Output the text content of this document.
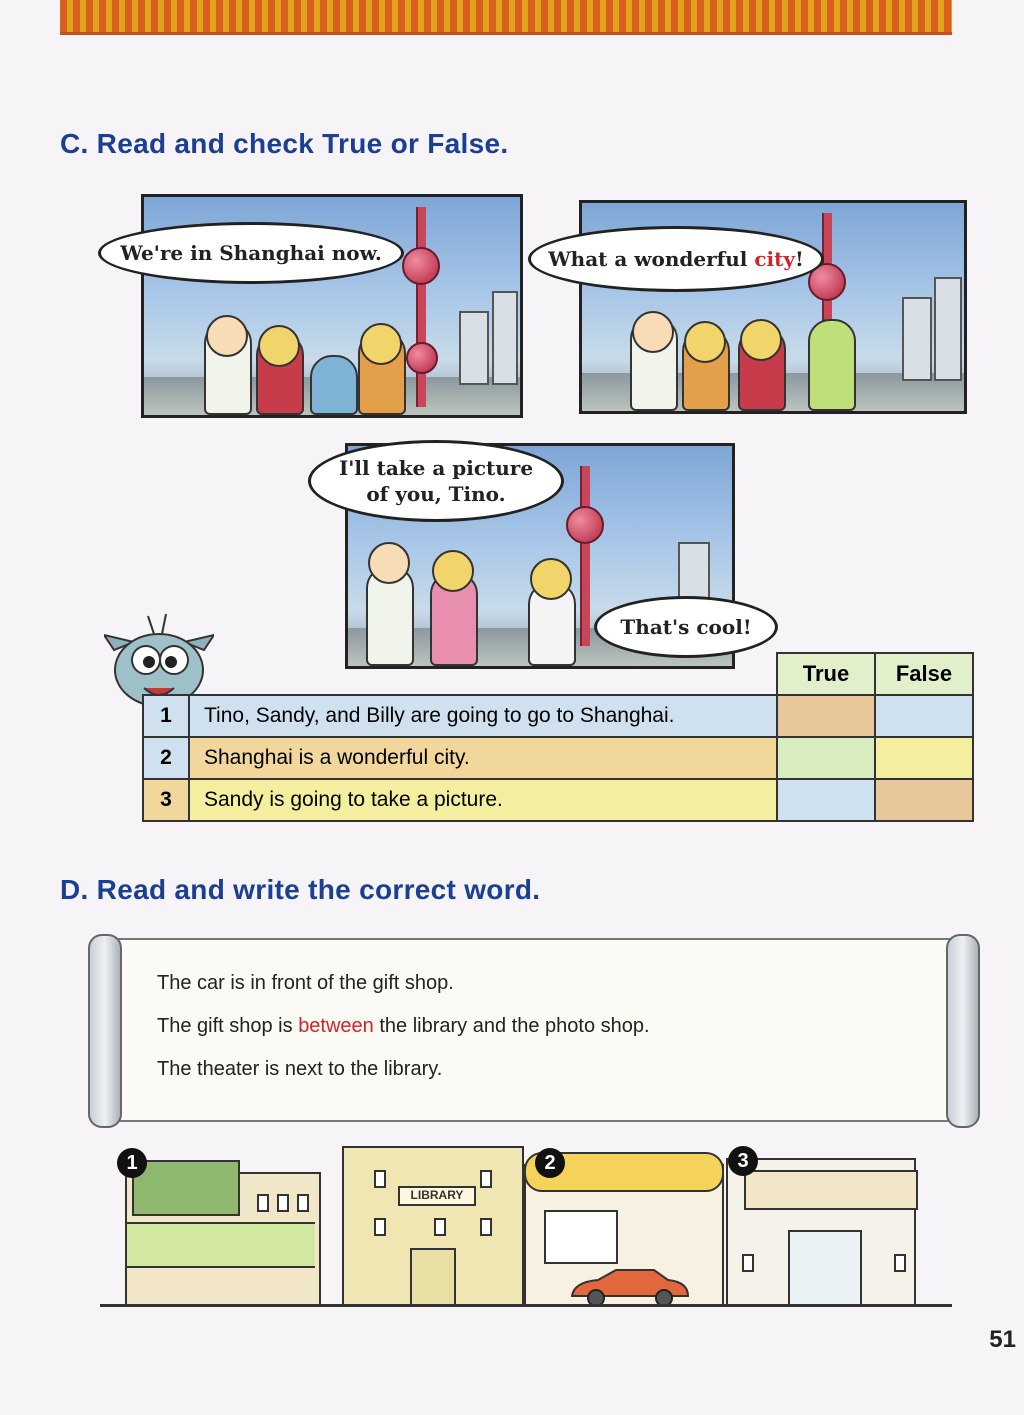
C. Read and check True or False.
We're in Shanghai now.	What a wonderful city!
I'll take a picture
of you, Tino.
That's cool!
		True	False
1	Tino, Sandy, and Billy are going to go to Shanghai.		
2	Shanghai is a wonderful city.		
3	Sandy is going to take a picture.		
D. Read and write the correct word.
The car is in front of the gift shop.
The gift shop is between the library and the photo shop.
The theater is next to the library.
LIBRARY
1	2	3
51
